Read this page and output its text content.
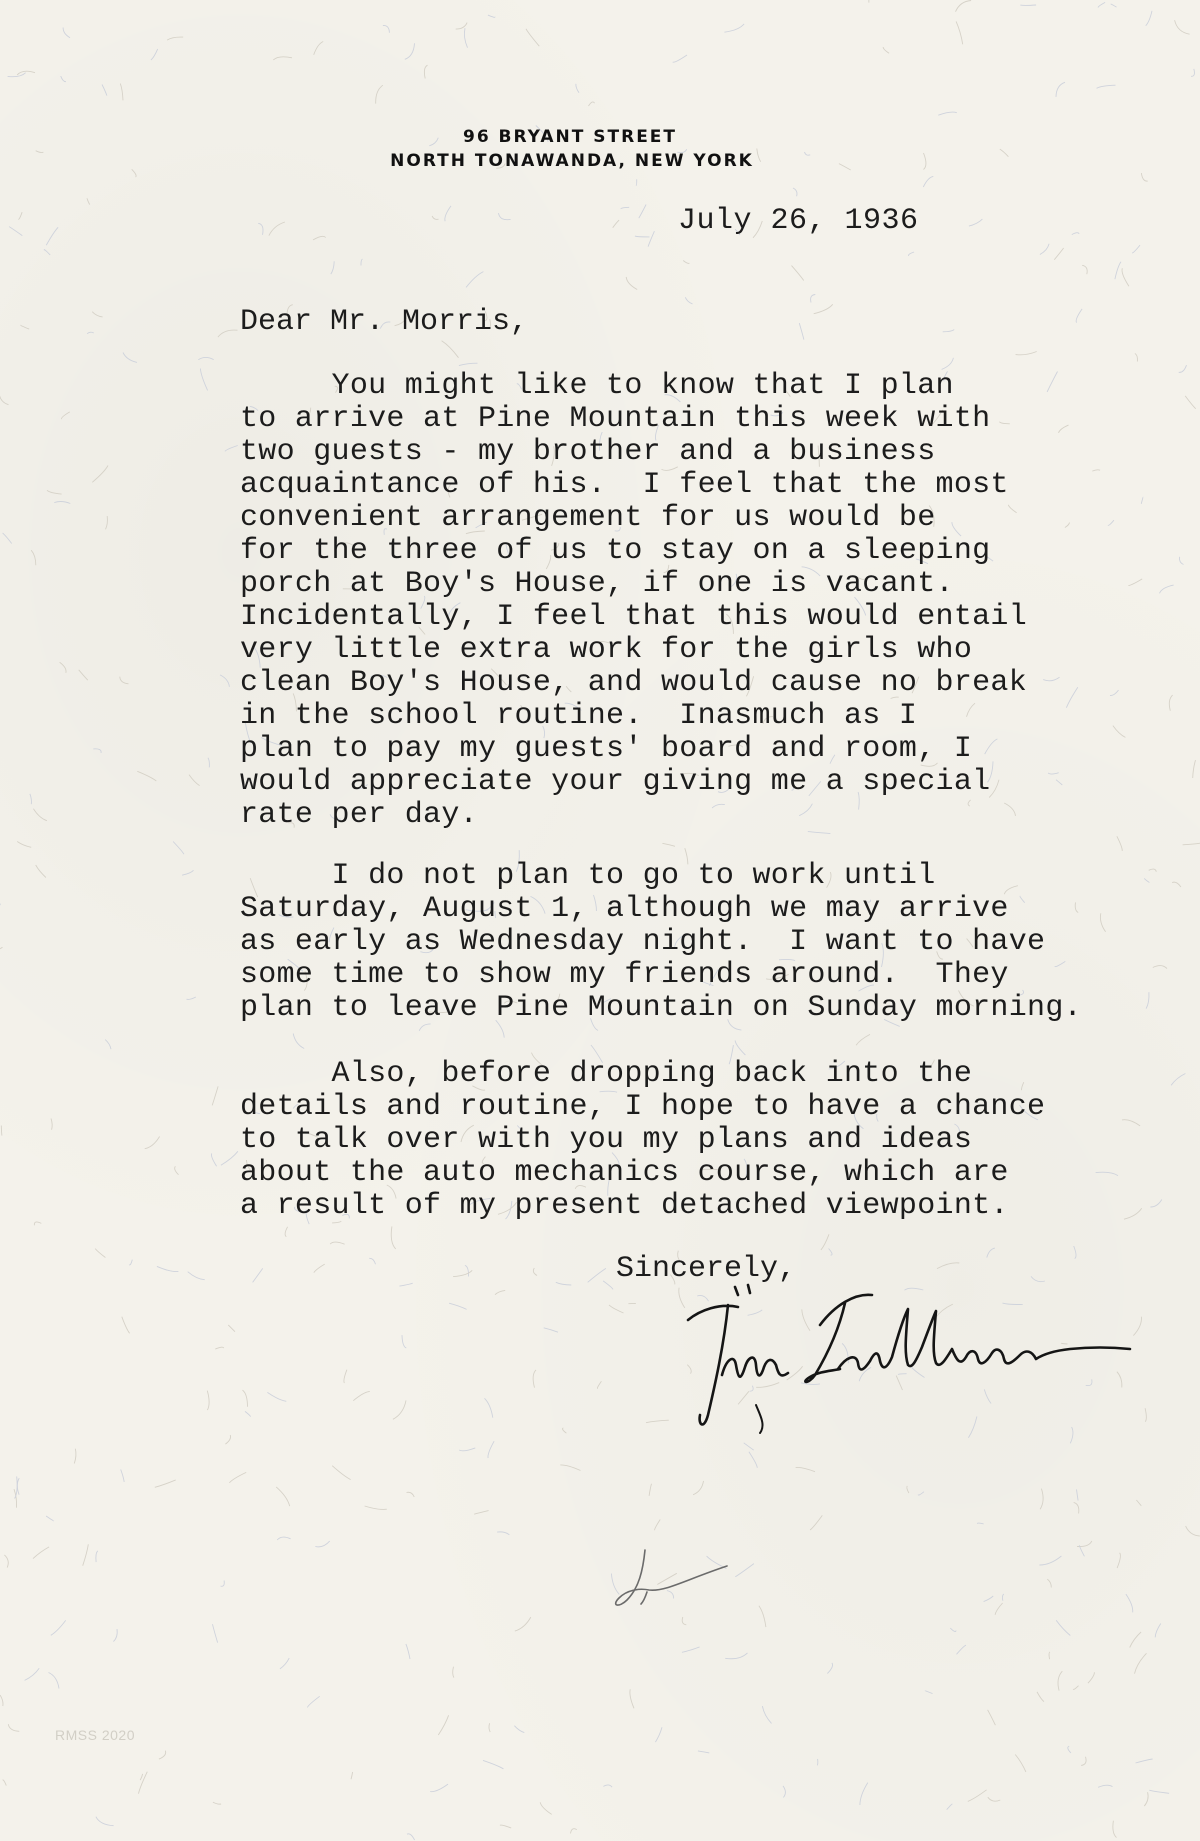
96 BRYANT STREET
NORTH TONAWANDA, NEW YORK
July 26, 1936
Dear Mr. Morris,
You might like to know that I plan
to arrive at Pine Mountain this week with
two guests - my brother and a business
acquaintance of his.  I feel that the most
convenient arrangement for us would be
for the three of us to stay on a sleeping
porch at Boy's House, if one is vacant.
Incidentally, I feel that this would entail
very little extra work for the girls who
clean Boy's House, and would cause no break
in the school routine.  Inasmuch as I
plan to pay my guests' board and room, I
would appreciate your giving me a special
rate per day.
I do not plan to go to work until
Saturday, August 1, although we may arrive
as early as Wednesday night.  I want to have
some time to show my friends around.  They
plan to leave Pine Mountain on Sunday morning.
Also, before dropping back into the
details and routine, I hope to have a chance
to talk over with you my plans and ideas
about the auto mechanics course, which are
a result of my present detached viewpoint.
Sincerely,
RMSS 2020
